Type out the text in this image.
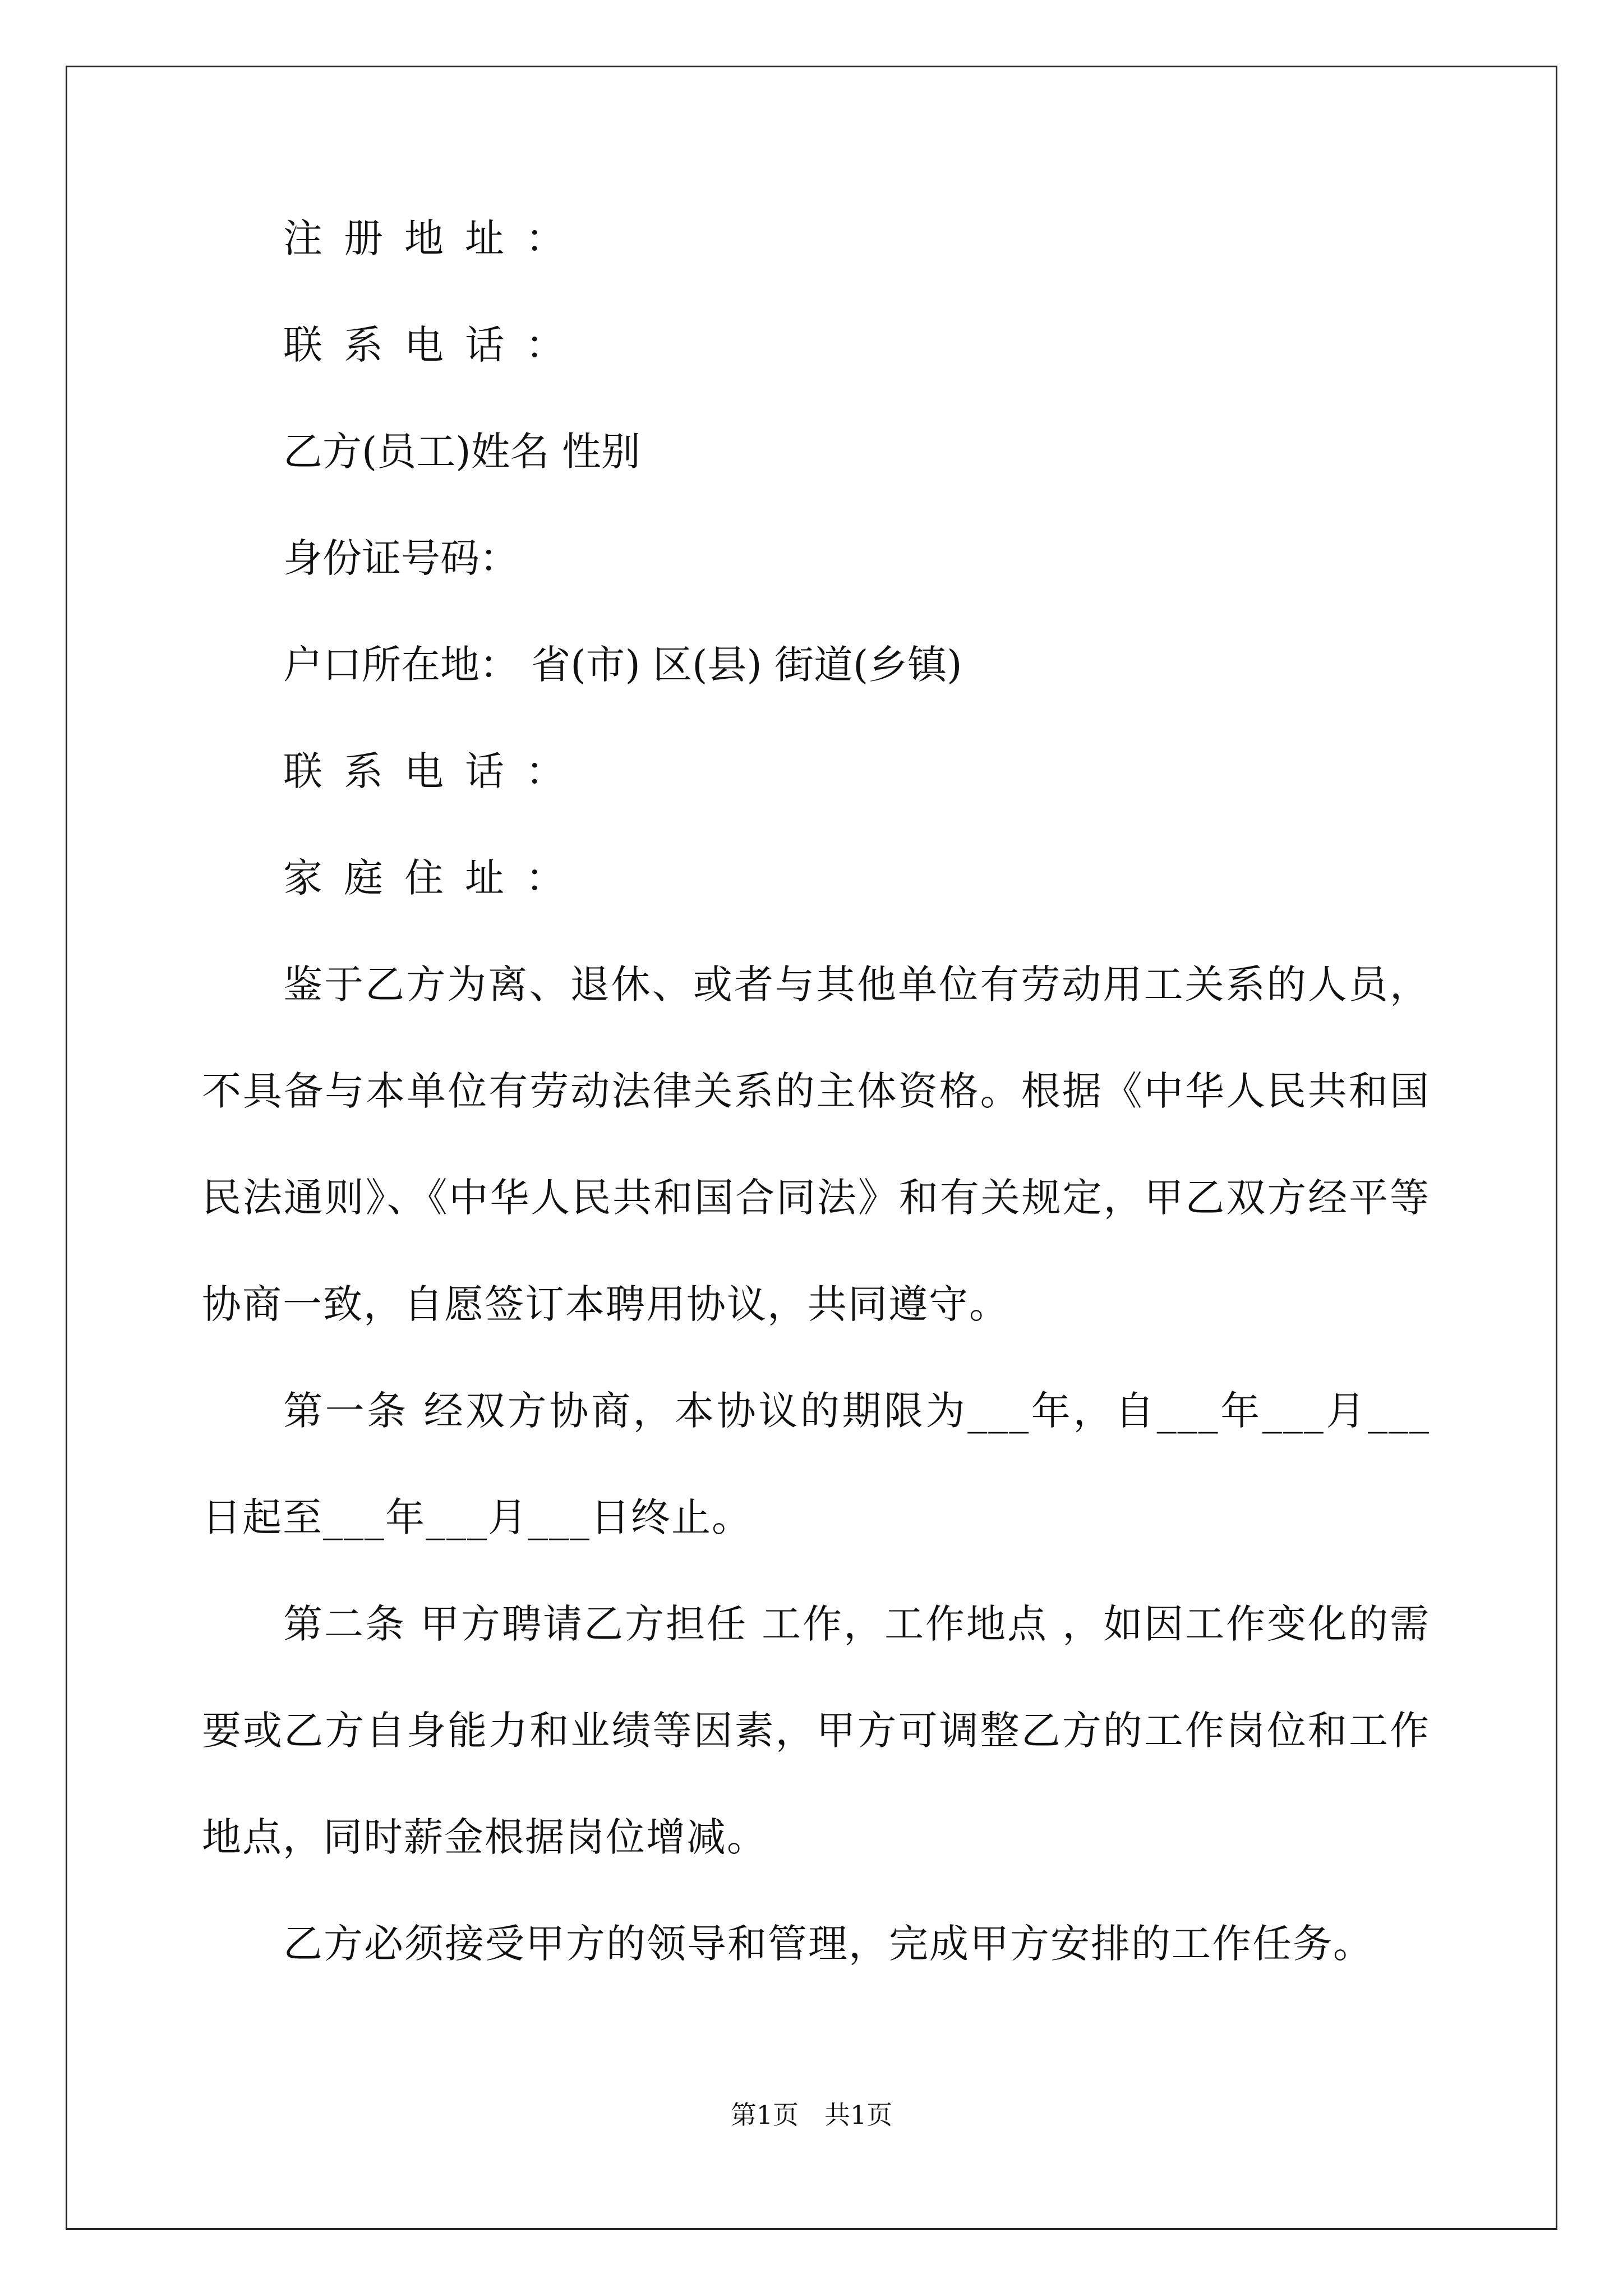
注册地址：
联系电话：
乙方(员工)姓名 性别
身份证号码：
户口所在地： 省(市) 区(县) 街道(乡镇)
联系电话：
家庭住址：

鉴于乙方为离、退休、或者与其他单位有劳动用工关系的人员，不具备与本单位有劳动法律关系的主体资格。根据《中华人民共和国民法通则》、《中华人民共和国合同法》和有关规定，甲乙双方经平等协商一致，自愿签订本聘用协议，共同遵守。

第一条 经双方协商，本协议的期限为___年，自___年___月___日起至___年___月___日终止。

第二条 甲方聘请乙方担任 工作，工作地点 ，如因工作变化的需要或乙方自身能力和业绩等因素，甲方可调整乙方的工作岗位和工作地点，同时薪金根据岗位增减。

乙方必须接受甲方的领导和管理，完成甲方安排的工作任务。

第1页 共1页
